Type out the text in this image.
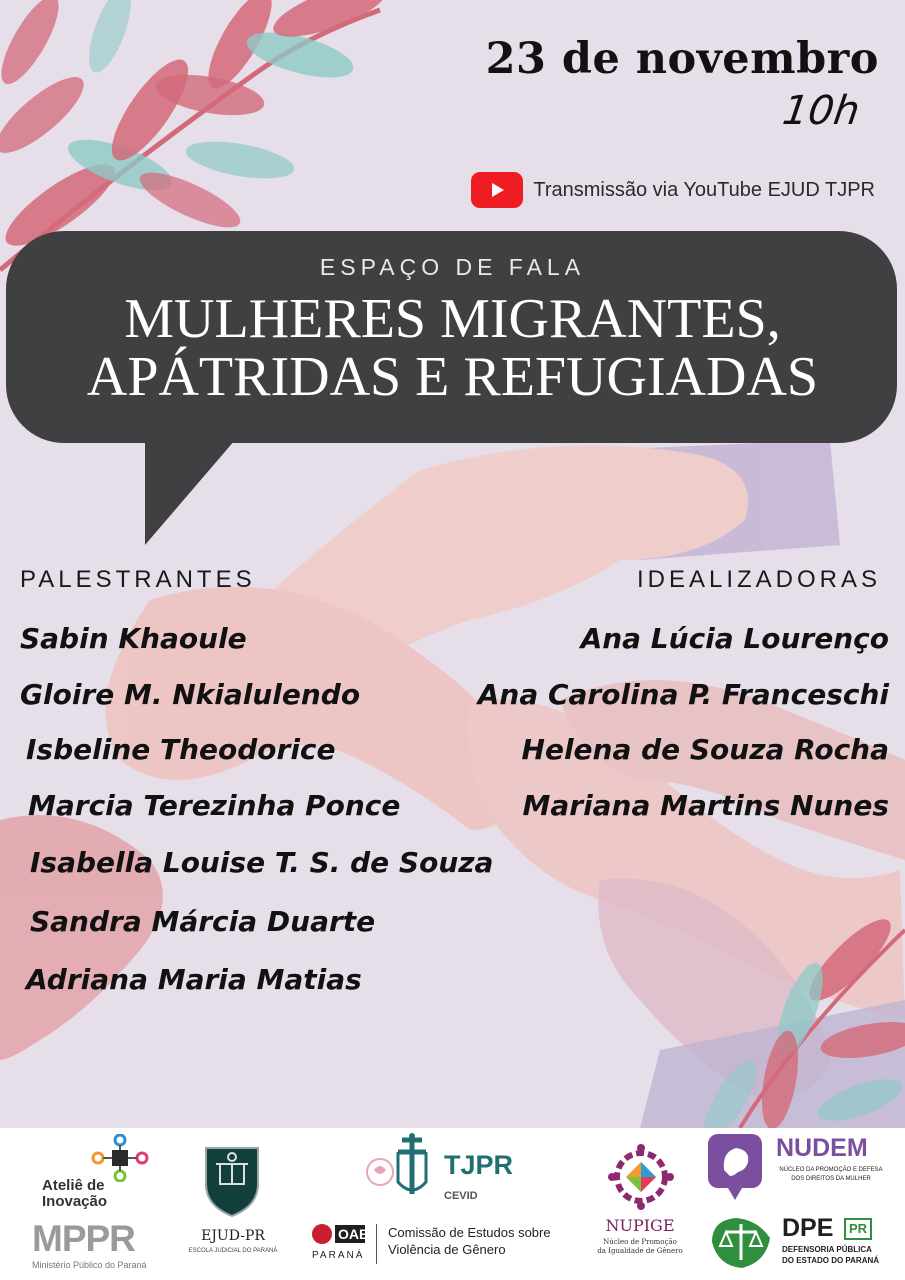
23 de novembro
10h
Transmissão via YouTube EJUD TJPR
ESPAÇO DE FALA
MULHERES MIGRANTES,
APÁTRIDAS E REFUGIADAS
PALESTRANTES
Sabin Khaoule
Gloire M. Nkialulendo
Isbeline Theodorice
Marcia Terezinha Ponce
Isabella Louise T. S. de Souza
Sandra Márcia Duarte
Adriana Maria Matias
IDEALIZADORAS
Ana Lúcia Lourenço
Ana Carolina P. Franceschi
Helena de Souza Rocha
Mariana Martins Nunes
Ateliê de
Inovação
MPPR
Ministério Público do Paraná
EJUD-PR
ESCOLA JUDICIAL DO PARANÁ
TJPR
CEVID
OAB
PARANÁ
Comissão de Estudos sobre
Violência de Gênero
NUPIGE
Núcleo de Promoção
da Igualdade de Gênero
NUDEM
NÚCLEO DA PROMOÇÃO E DEFESA
DOS DIREITOS DA MULHER
DPE	PR
DEFENSORIA PÚBLICA
DO ESTADO DO PARANÁ
